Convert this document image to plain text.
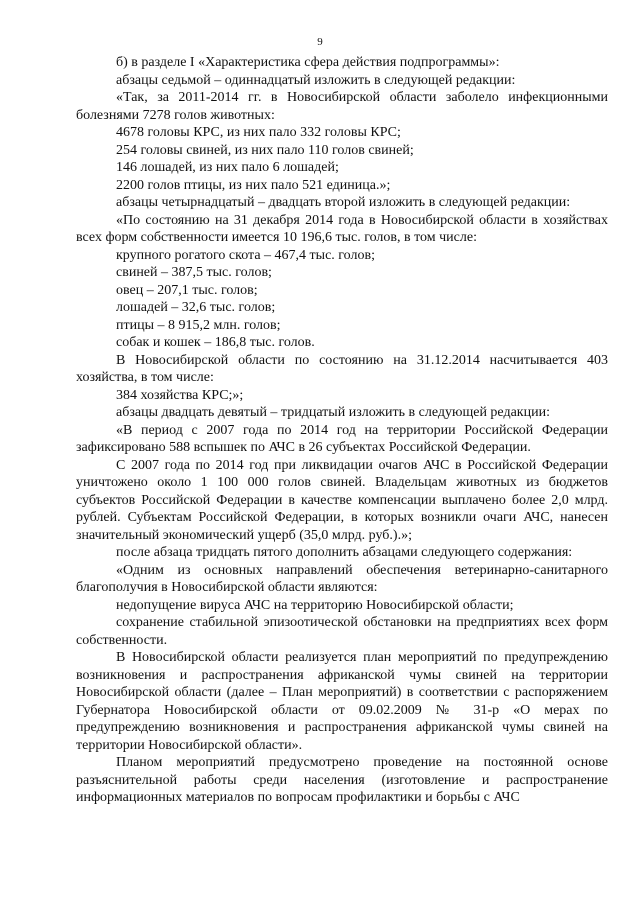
9

б) в разделе I «Характеристика сфера действия подпрограммы»:

абзацы седьмой – одиннадцатый изложить в следующей редакции:

«Так, за 2011-2014 гг. в Новосибирской области заболело инфекционными болезнями 7278 голов животных:

4678 головы КРС, из них пало 332 головы КРС;

254 головы свиней, из них пало 110 голов свиней;

146 лошадей, из них пало 6 лошадей;

2200 голов птицы, из них пало 521 единица.»;

абзацы четырнадцатый – двадцать второй изложить в следующей редакции:

«По состоянию на 31 декабря 2014 года в Новосибирской области в хозяйствах всех форм собственности имеется 10 196,6 тыс. голов, в том числе:

крупного рогатого скота – 467,4 тыс. голов;

свиней – 387,5 тыс. голов;

овец – 207,1 тыс. голов;

лошадей – 32,6 тыс. голов;

птицы – 8 915,2 млн. голов;

собак и кошек – 186,8 тыс. голов.

В Новосибирской области по состоянию на 31.12.2014 насчитывается 403 хозяйства, в том числе:

384 хозяйства КРС;»;

абзацы двадцать девятый – тридцатый изложить в следующей редакции:

«В период с 2007 года по 2014 год на территории Российской Федерации зафиксировано 588 вспышек по АЧС в 26 субъектах Российской Федерации.

С 2007 года по 2014 год при ликвидации очагов АЧС в Российской Федерации уничтожено около 1 100 000 голов свиней. Владельцам животных из бюджетов субъектов Российской Федерации в качестве компенсации выплачено более 2,0 млрд. рублей. Субъектам Российской Федерации, в которых возникли очаги АЧС, нанесен значительный экономический ущерб (35,0 млрд. руб.).»;

после абзаца тридцать пятого дополнить абзацами следующего содержания:

«Одним из основных направлений обеспечения ветеринарно-санитарного благополучия в Новосибирской области являются:

недопущение вируса АЧС на территорию Новосибирской области;

сохранение стабильной эпизоотической обстановки на предприятиях всех форм собственности.

В Новосибирской области реализуется план мероприятий по предупреждению возникновения и распространения африканской чумы свиней на территории Новосибирской области (далее – План мероприятий) в соответствии с распоряжением Губернатора Новосибирской области от 09.02.2009 № 31-р «О мерах по предупреждению возникновения и распространения африканской чумы свиней на территории Новосибирской области».

Планом мероприятий предусмотрено проведение на постоянной основе разъяснительной работы среди населения (изготовление и распространение информационных материалов по вопросам профилактики и борьбы с АЧС
